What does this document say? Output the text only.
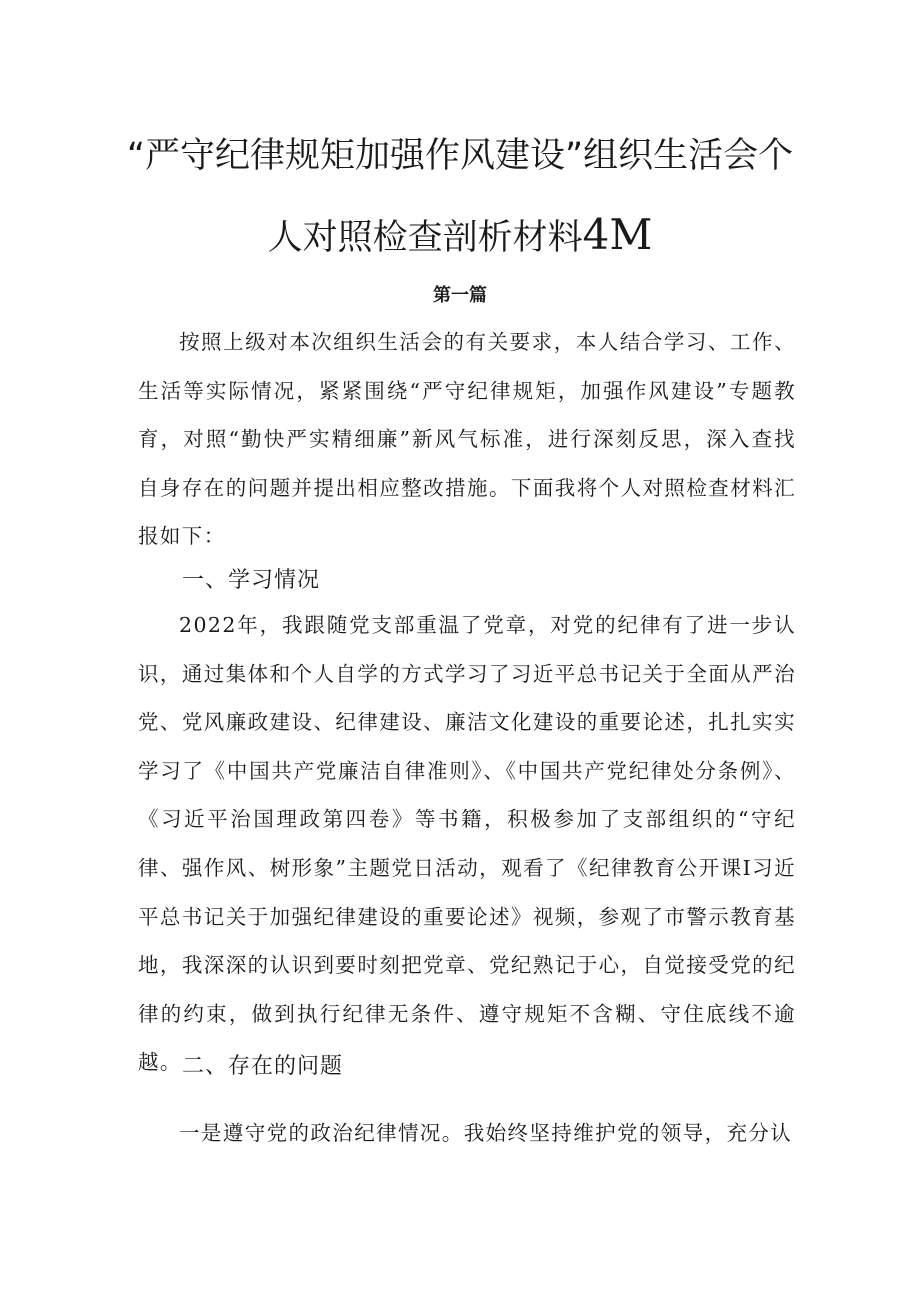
“严守纪律规矩加强作风建设”组织生活会个
人对照检查剖析材料4M
第一篇
按照上级对本次组织生活会的有关要求，本人结合学习、工作、生活等实际情况，紧紧围绕“严守纪律规矩，加强作风建设”专题教育，对照“勤快严实精细廉”新风气标准，进行深刻反思，深入查找自身存在的问题并提出相应整改措施。下面我将个人对照检查材料汇报如下：
一、学习情况
2022年，我跟随党支部重温了党章，对党的纪律有了进一步认识，通过集体和个人自学的方式学习了习近平总书记关于全面从严治党、党风廉政建设、纪律建设、廉洁文化建设的重要论述，扎扎实实学习了《中国共产党廉洁自律准则》、《中国共产党纪律处分条例》、《习近平治国理政第四卷》等书籍，积极参加了支部组织的“守纪律、强作风、树形象”主题党日活动，观看了《纪律教育公开课I习近平总书记关于加强纪律建设的重要论述》视频，参观了市警示教育基地，我深深的认识到要时刻把党章、党纪熟记于心，自觉接受党的纪律的约束，做到执行纪律无条件、遵守规矩不含糊、守住底线不逾越。 二、存在的问题
一是遵守党的政治纪律情况。我始终坚持维护党的领导，充分认
